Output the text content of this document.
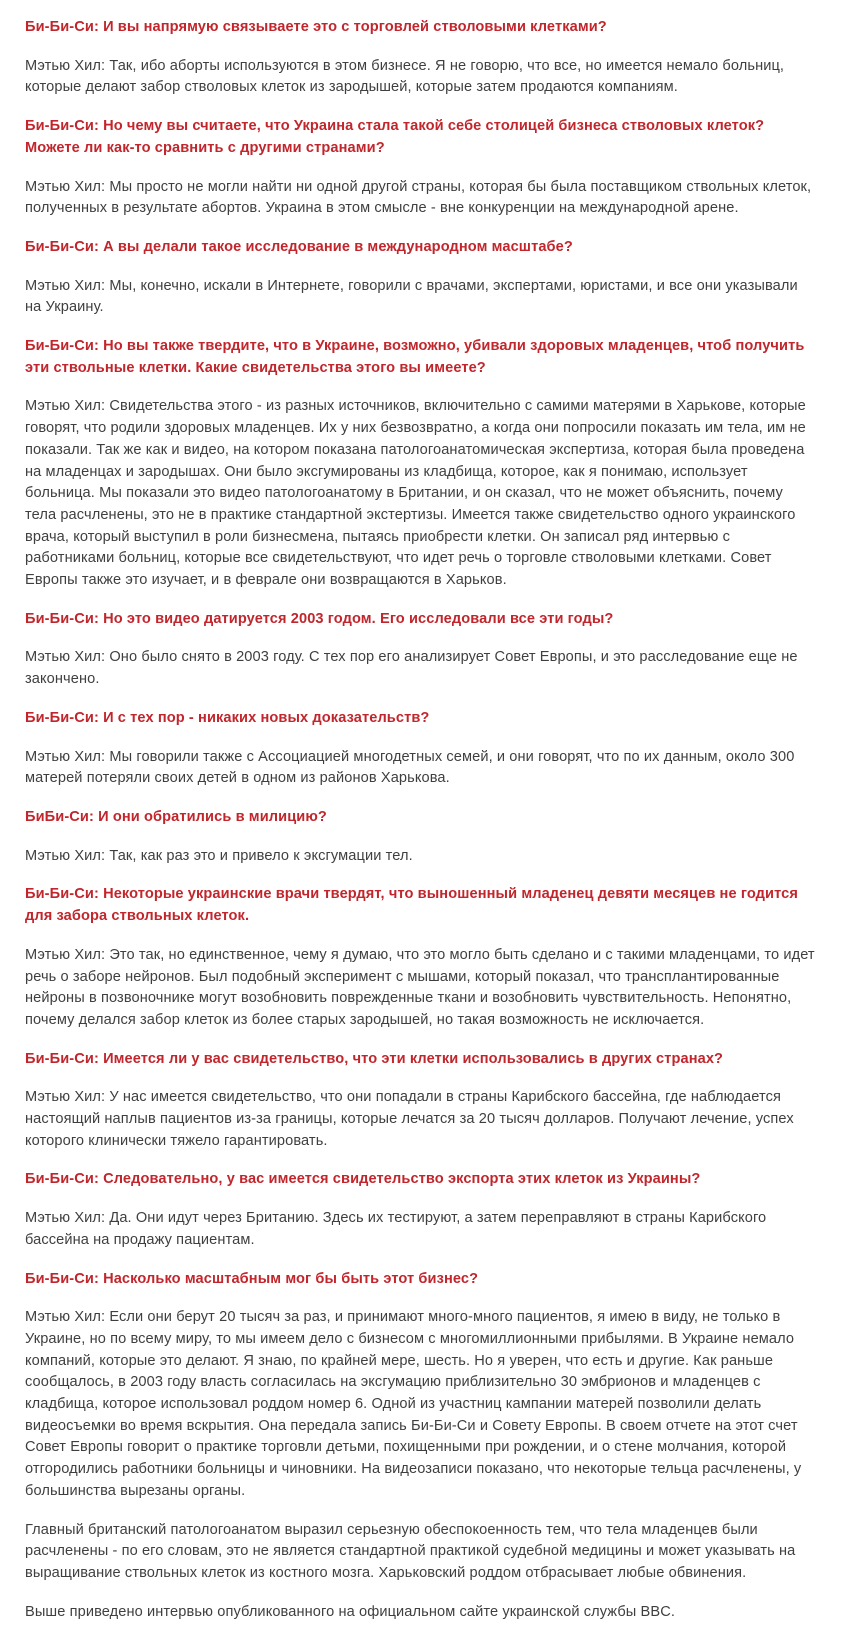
Би-Би-Си: И вы напрямую связываете это с торговлей стволовыми клетками?

Мэтью Хил: Так, ибо аборты используются в этом бизнесе. Я не говорю, что все, но имеется немало больниц, которые делают забор стволовых клеток из зародышей, которые затем продаются компаниям.

Би-Би-Си: Но чему вы считаете, что Украина стала такой себе столицей бизнеса стволовых клеток? Можете ли как-то сравнить с другими странами?

Мэтью Хил: Мы просто не могли найти ни одной другой страны, которая бы была поставщиком ствольных клеток, полученных в результате абортов. Украина в этом смысле - вне конкуренции на международной арене.

Би-Би-Си: А вы делали такое исследование в международном масштабе?

Мэтью Хил: Мы, конечно, искали в Интернете, говорили с врачами, экспертами, юристами, и все они указывали на Украину.

Би-Би-Си: Но вы также твердите, что в Украине, возможно, убивали здоровых младенцев, чтоб получить эти ствольные клетки. Какие свидетельства этого вы имеете?

Мэтью Хил: Свидетельства этого - из разных источников, включительно с самими матерями в Харькове, которые говорят, что родили здоровых младенцев. Их у них безвозвратно, а когда они попросили показать им тела, им не показали. Так же как и видео, на котором показана патологоанатомическая экспертиза, которая была проведена на младенцах и зародышах. Они было эксгумированы из кладбища, которое, как я понимаю, использует больница. Мы показали это видео патологоанатому в Британии, и он сказал, что не может объяснить, почему тела расчленены, это не в практике стандартной экстертизы. Имеется также свидетельство одного украинского врача, который выступил в роли бизнесмена, пытаясь приобрести клетки. Он записал ряд интервью с работниками больниц, которые все свидетельствуют, что идет речь о торговле стволовыми клетками. Совет Европы также это изучает, и в феврале они возвращаются в Харьков.

Би-Би-Си: Но это видео датируется 2003 годом. Его исследовали все эти годы?

Мэтью Хил: Оно было снято в 2003 году. С тех пор его анализирует Совет Европы, и это расследование еще не закончено.

Би-Би-Си: И с тех пор - никаких новых доказательств?

Мэтью Хил: Мы говорили также с Ассоциацией многодетных семей, и они говорят, что по их данным, около 300 матерей потеряли своих детей в одном из районов Харькова.

БиБи-Си: И они обратились в милицию?

Мэтью Хил: Так, как раз это и привело к эксгумации тел.

Би-Би-Си: Некоторые украинские врачи твердят, что выношенный младенец девяти месяцев не годится для забора ствольных клеток.

Мэтью Хил: Это так, но единственное, чему я думаю, что это могло быть сделано и с такими младенцами, то идет речь о заборе нейронов. Был подобный эксперимент с мышами, который показал, что трансплантированные нейроны в позвоночнике могут возобновить поврежденные ткани и возобновить чувствительность. Непонятно, почему делался забор клеток из более старых зародышей, но такая возможность не исключается.

Би-Би-Си: Имеется ли у вас свидетельство, что эти клетки использовались в других странах?

Мэтью Хил: У нас имеется свидетельство, что они попадали в страны Карибского бассейна, где наблюдается настоящий наплыв пациентов из-за границы, которые лечатся за 20 тысяч долларов. Получают лечение, успех которого клинически тяжело гарантировать.

Би-Би-Си: Следовательно, у вас имеется свидетельство экспорта этих клеток из Украины?

Мэтью Хил: Да. Они идут через Британию. Здесь их тестируют, а затем переправляют в страны Карибского бассейна на продажу пациентам.

Би-Би-Си: Насколько масштабным мог бы быть этот бизнес?

Мэтью Хил: Если они берут 20 тысяч за раз, и принимают много-много пациентов, я имею в виду, не только в Украине, но по всему миру, то мы имеем дело с бизнесом с многомиллионными прибылями. В Украине немало компаний, которые это делают. Я знаю, по крайней мере, шесть. Но я уверен, что есть и другие. Как раньше сообщалось, в 2003 году власть согласилась на эксгумацию приблизительно 30 эмбрионов и младенцев с кладбища, которое использовал роддом номер 6. Одной из участниц кампании матерей позволили делать видеосъемки во время вскрытия. Она передала запись Би-Би-Си и Совету Европы. В своем отчете на этот счет Совет Европы говорит о практике торговли детьми, похищенными при рождении, и о стене молчания, которой отгородились работники больницы и чиновники. На видеозаписи показано, что некоторые тельца расчленены, у большинства вырезаны органы.

Главный британский патологоанатом выразил серьезную обеспокоенность тем, что тела младенцев были расчленены - по его словам, это не является стандартной практикой судебной медицины и может указывать на выращивание ствольных клеток из костного мозга. Харьковский роддом отбрасывает любые обвинения.

Выше приведено интервью опубликованного на официальном сайте украинской службы BBC.
